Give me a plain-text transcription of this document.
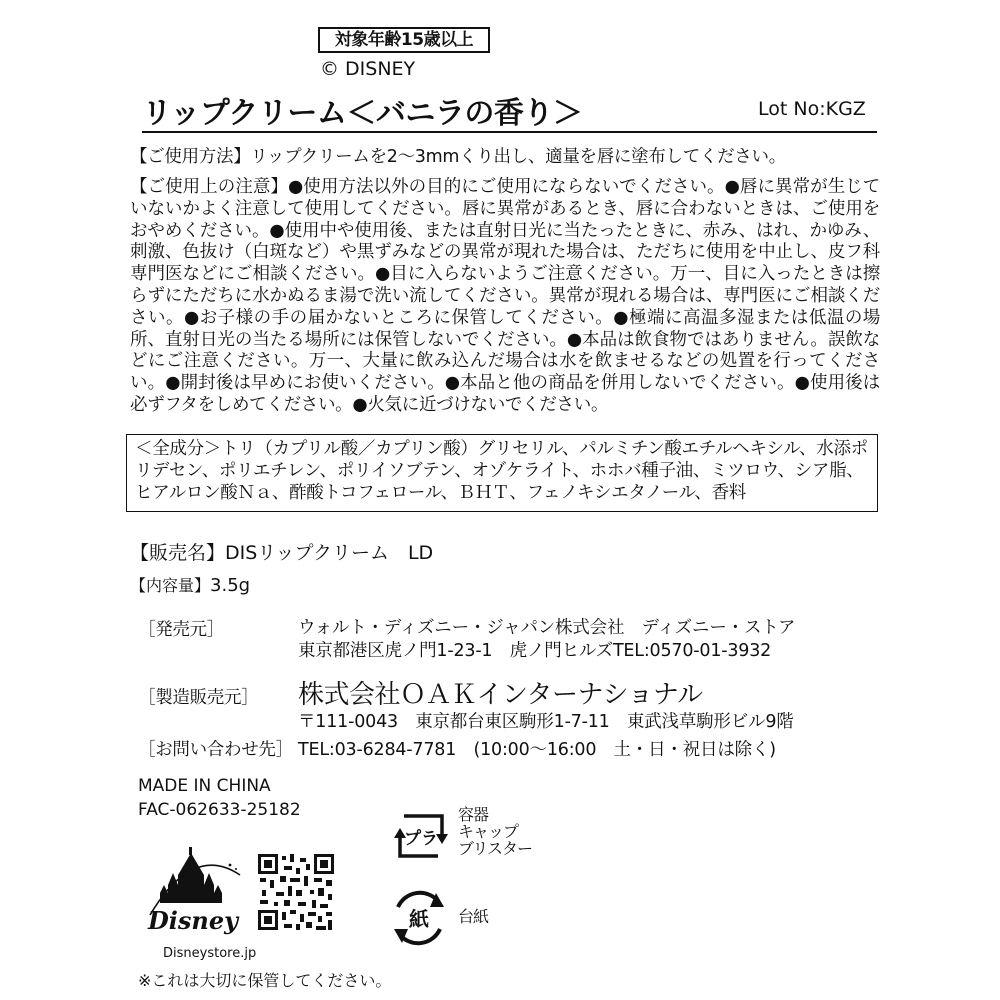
対象年齢15歳以上
© DISNEY
リップクリーム＜バニラの香り＞	Lot No:KGZ
【ご使用方法】リップクリームを2～3mmくり出し、適量を唇に塗布してください。
【ご使用上の注意】●使用方法以外の目的にご使用にならないでください。●唇に異常が生じていないかよく注意して使用してください。唇に異常があるとき、唇に合わないときは、ご使用をおやめください。●使用中や使用後、または直射日光に当たったときに、赤み、はれ、かゆみ、刺激、色抜け（白斑など）や黒ずみなどの異常が現れた場合は、ただちに使用を中止し、皮フ科専門医などにご相談ください。●目に入らないようご注意ください。万一、目に入ったときは擦らずにただちに水かぬるま湯で洗い流してください。異常が現れる場合は、専門医にご相談ください。●お子様の手の届かないところに保管してください。●極端に高温多湿または低温の場所、直射日光の当たる場所には保管しないでください。●本品は飲食物ではありません。誤飲などにご注意ください。万一、大量に飲み込んだ場合は水を飲ませるなどの処置を行ってください。●開封後は早めにお使いください。●本品と他の商品を併用しないでください。●使用後は必ずフタをしめてください。●火気に近づけないでください。
＜全成分＞トリ（カプリル酸／カプリン酸）グリセリル、パルミチン酸エチルヘキシル、水添ポリデセン、ポリエチレン、ポリイソブテン、オゾケライト、ホホバ種子油、ミツロウ、シア脂、ヒアルロン酸Ｎａ、酢酸トコフェロール、ＢＨＴ、フェノキシエタノール、香料
【販売名】DISリップクリーム　LD
【内容量】3.5g
［発売元］	ウォルト・ディズニー・ジャパン株式会社　ディズニー・ストア
東京都港区虎ノ門1-23-1　虎ノ門ヒルズTEL:0570-01-3932
［製造販売元］ 株式会社ＯＡＫインターナショナル
〒111-0043　東京都台東区駒形1-7-11　東武浅草駒形ビル9階
［お問い合わせ先］ TEL:03-6284-7781　(10:00～16:00　土・日・祝日は除く)
MADE IN CHINA
FAC-062633-25182
Disney
Disneystore.jp
プラ
容器
キャップ
ブリスター
紙 台紙
※これは大切に保管してください。
